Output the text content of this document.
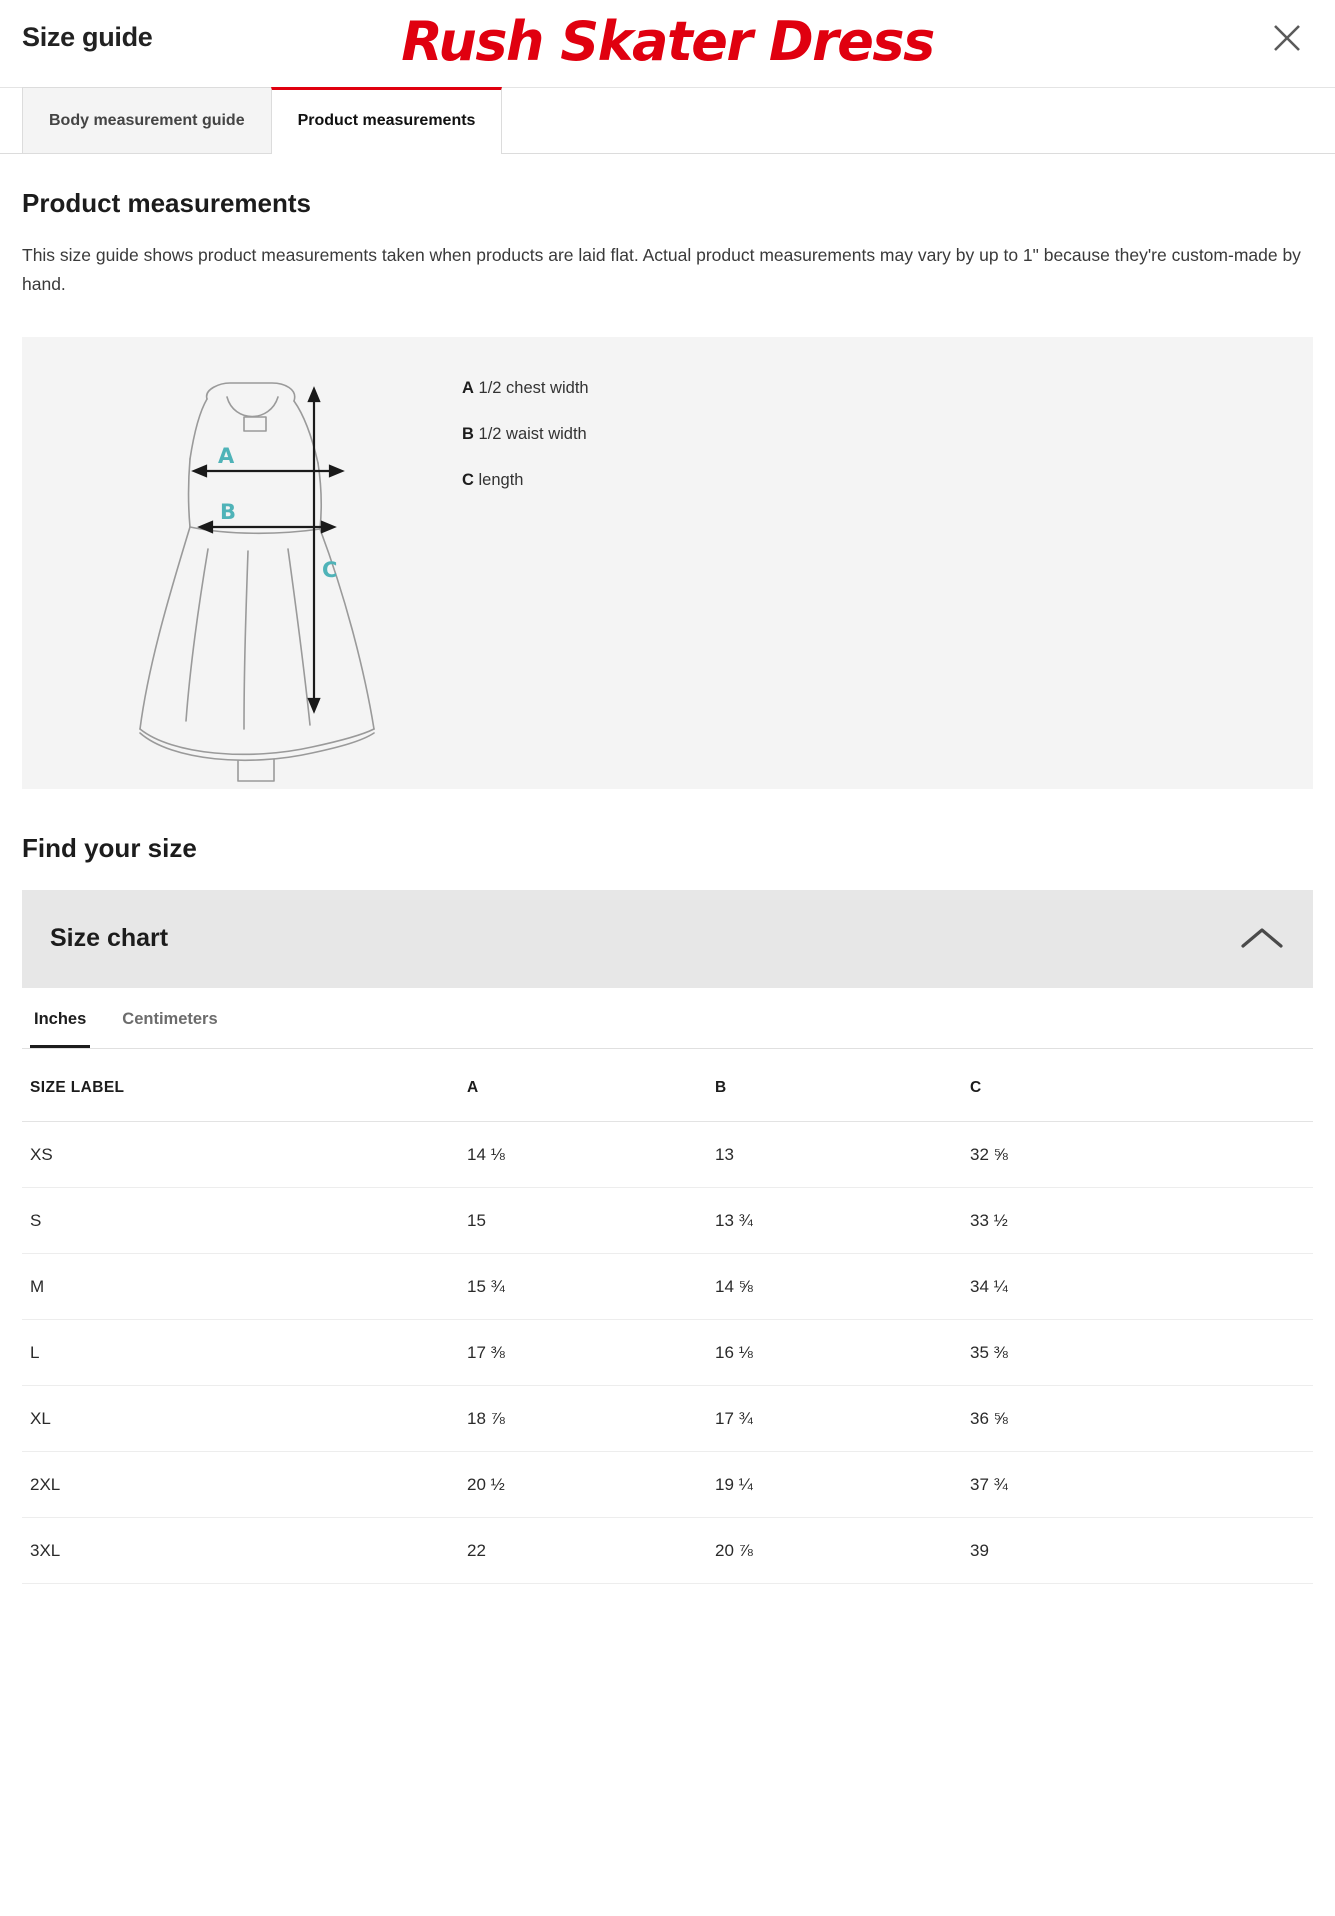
Size guide	Rush Skater Dress
Body measurement guide	Product measurements
Product measurements

This size guide shows product measurements taken when products are laid flat. Actual product measurements may vary by up to 1" because they're custom-made by hand.

A
B
C
A 1/2 chest width
B 1/2 waist width
C length
Find your size
Size chart
Inches Centimeters
SIZE LABEL	A	B	C
XS	14 ⅛	13	32 ⅝
S	15	13 ¾	33 ½
M	15 ¾	14 ⅝	34 ¼
L	17 ⅜	16 ⅛	35 ⅜
XL	18 ⅞	17 ¾	36 ⅝
2XL	20 ½	19 ¼	37 ¾
3XL	22	20 ⅞	39
